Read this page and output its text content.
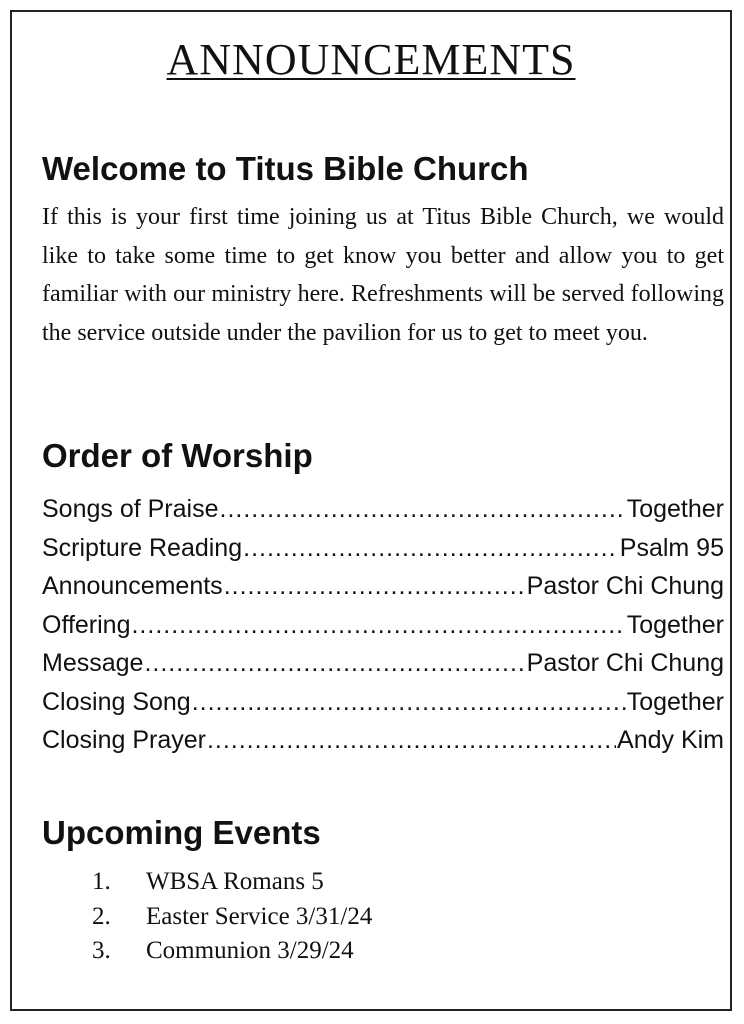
ANNOUNCEMENTS
Welcome to Titus Bible Church
If this is your first time joining us at Titus Bible Church, we would like to take some time to get know you better and allow you to get familiar with our ministry here. Refreshments will be served following the service outside under the pavilion for us to get to meet you.
Order of Worship
Songs of Praise .....	Together
Scripture Reading .....	Psalm 95
Announcements .....	Pastor Chi Chung
Offering .....	Together
Message .....	Pastor Chi Chung
Closing Song .....	Together
Closing Prayer .....	Andy Kim
Upcoming Events
1. WBSA Romans 5
2. Easter Service 3/31/24
3. Communion 3/29/24
